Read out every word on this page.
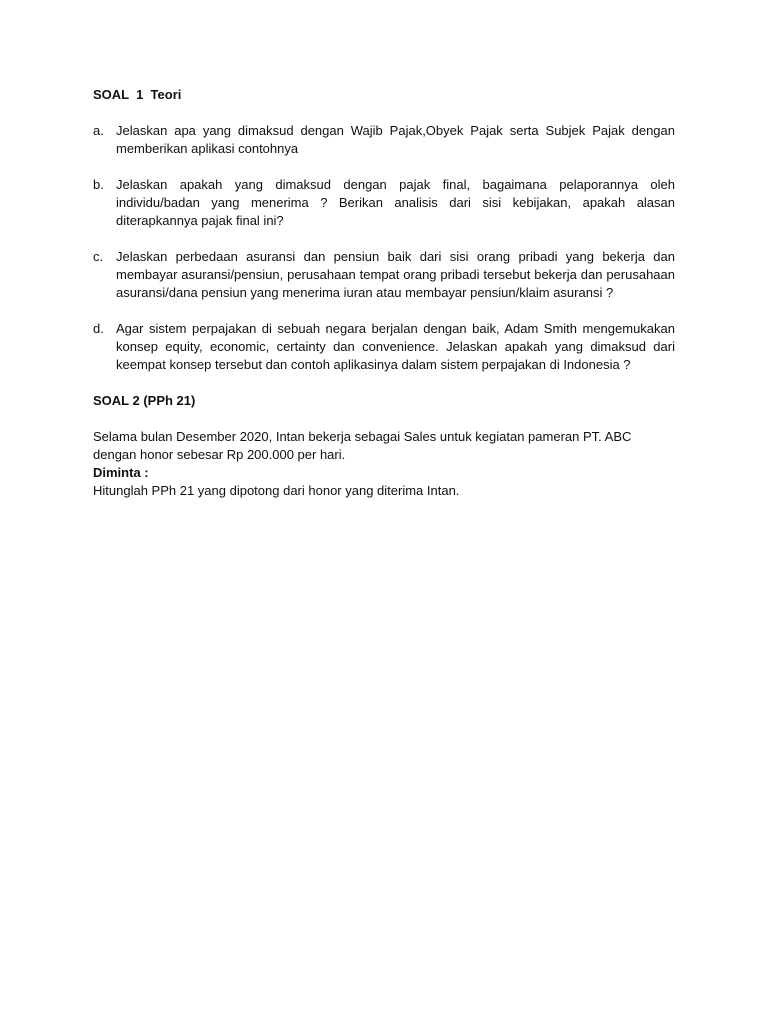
SOAL  1  Teori

a. Jelaskan apa yang dimaksud dengan Wajib Pajak,Obyek Pajak serta Subjek Pajak dengan memberikan aplikasi contohnya
b. Jelaskan apakah yang dimaksud dengan pajak final, bagaimana pelaporannya oleh individu/badan yang menerima ? Berikan analisis dari sisi kebijakan, apakah alasan diterapkannya pajak final ini?
c. Jelaskan perbedaan asuransi dan pensiun baik dari sisi orang pribadi yang bekerja dan membayar asuransi/pensiun, perusahaan tempat orang pribadi tersebut bekerja dan perusahaan asuransi/dana pensiun yang menerima iuran atau membayar pensiun/klaim asuransi ?
d. Agar sistem perpajakan di sebuah negara berjalan dengan baik, Adam Smith mengemukakan konsep equity, economic, certainty dan convenience. Jelaskan apakah yang dimaksud dari keempat konsep tersebut dan contoh aplikasinya dalam sistem perpajakan di Indonesia ?

SOAL 2 (PPh 21)

Selama bulan Desember 2020, Intan bekerja sebagai Sales untuk kegiatan pameran PT. ABC dengan honor sebesar Rp 200.000 per hari.

Diminta :

Hitunglah PPh 21 yang dipotong dari honor yang diterima Intan.
